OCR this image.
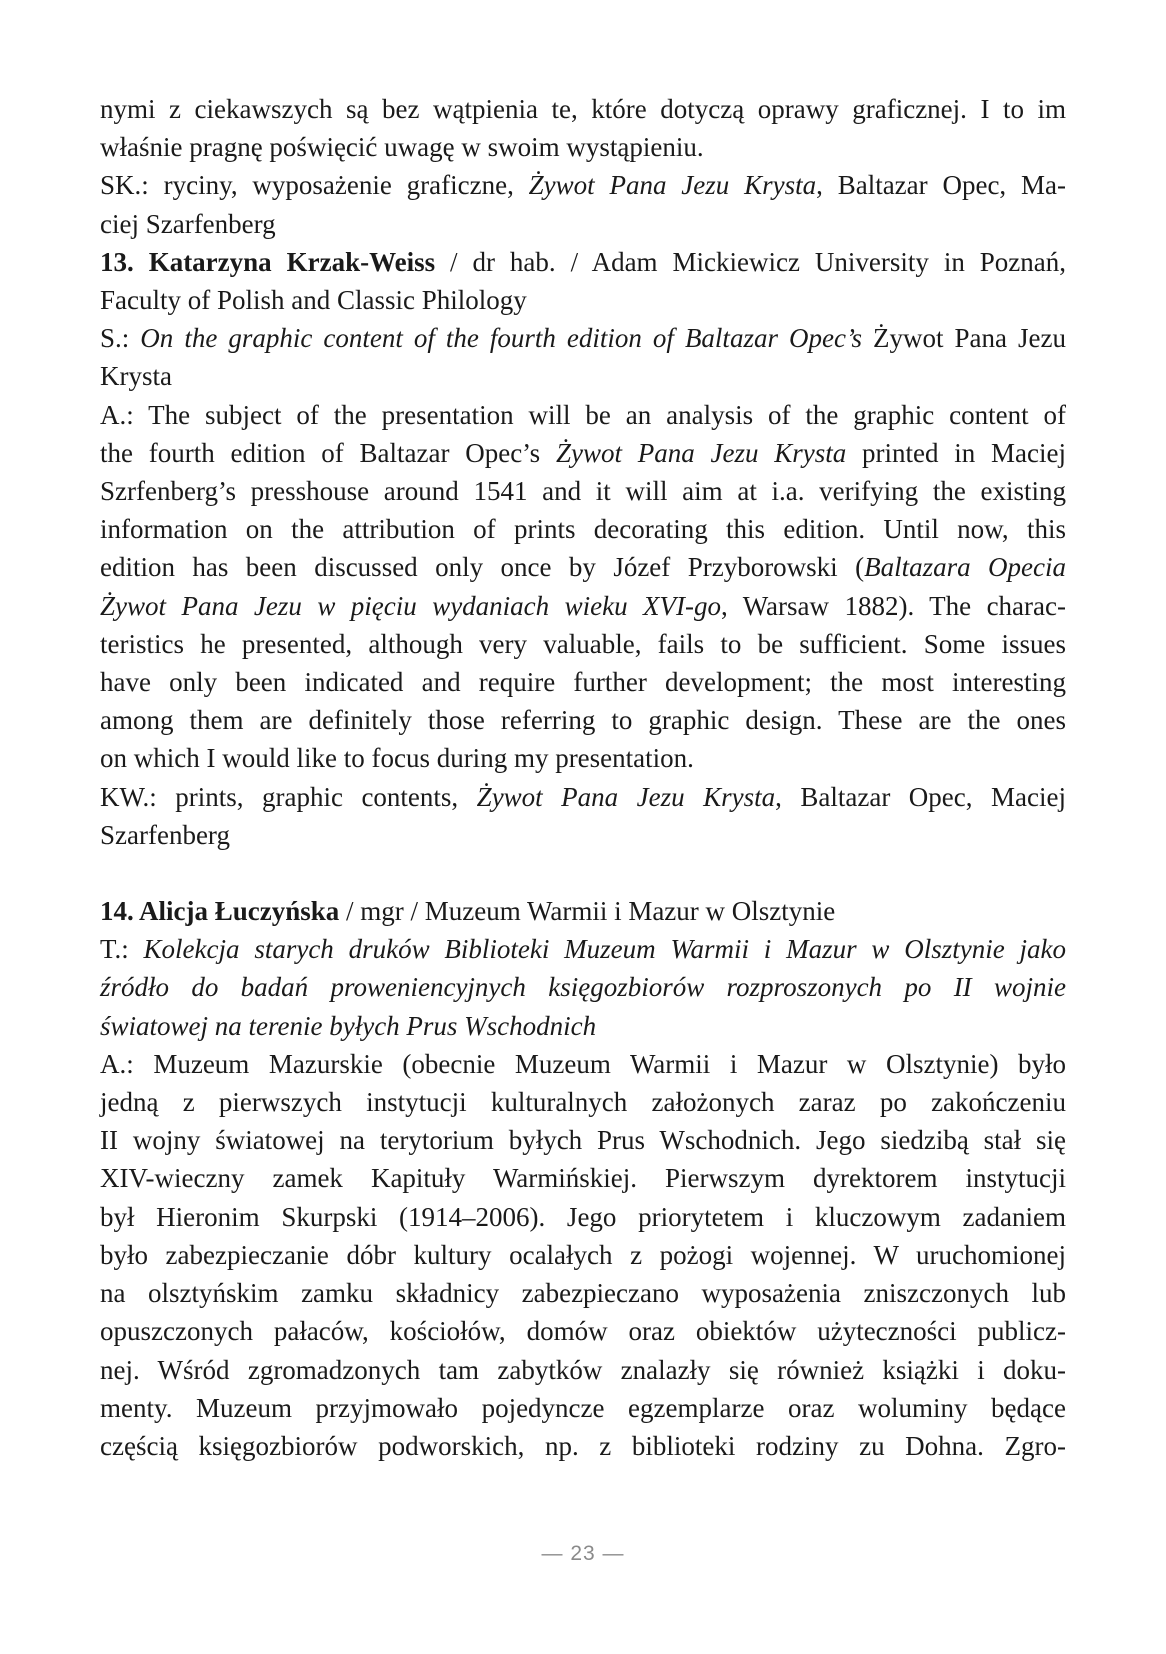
nymi z ciekawszych są bez wątpienia te, które dotyczą oprawy graficznej. I to im
właśnie pragnę poświęcić uwagę w swoim wystąpieniu.
SK.: ryciny, wyposażenie graficzne, Żywot Pana Jezu Krysta, Baltazar Opec, Ma-
ciej Szarfenberg
13. Katarzyna Krzak-Weiss / dr hab. / Adam Mickiewicz University in Poznań,
Faculty of Polish and Classic Philology
S.: On the graphic content of the fourth edition of Baltazar Opec’s Żywot Pana Jezu
Krysta
A.: The subject of the presentation will be an analysis of the graphic content of
the fourth edition of Baltazar Opec’s Żywot Pana Jezu Krysta printed in Maciej
Szrfenberg’s presshouse around 1541 and it will aim at i.a. verifying the existing
information on the attribution of prints decorating this edition. Until now, this
edition has been discussed only once by Józef Przyborowski (Baltazara Opecia
Żywot Pana Jezu w pięciu wydaniach wieku XVI-go, Warsaw 1882). The charac-
teristics he presented, although very valuable, fails to be sufficient. Some issues
have only been indicated and require further development; the most interesting
among them are definitely those referring to graphic design. These are the ones
on which I would like to focus during my presentation.
KW.: prints, graphic contents, Żywot Pana Jezu Krysta, Baltazar Opec, Maciej
Szarfenberg
14. Alicja Łuczyńska / mgr / Muzeum Warmii i Mazur w Olsztynie
T.: Kolekcja starych druków Biblioteki Muzeum Warmii i Mazur w Olsztynie jako
źródło do badań proweniencyjnych księgozbiorów rozproszonych po II wojnie
światowej na terenie byłych Prus Wschodnich
A.: Muzeum Mazurskie (obecnie Muzeum Warmii i Mazur w Olsztynie) było
jedną z pierwszych instytucji kulturalnych założonych zaraz po zakończeniu
II wojny światowej na terytorium byłych Prus Wschodnich. Jego siedzibą stał się
XIV-wieczny zamek Kapituły Warmińskiej. Pierwszym dyrektorem instytucji
był Hieronim Skurpski (1914–2006). Jego priorytetem i kluczowym zadaniem
było zabezpieczanie dóbr kultury ocalałych z pożogi wojennej. W uruchomionej
na olsztyńskim zamku składnicy zabezpieczano wyposażenia zniszczonych lub
opuszczonych pałaców, kościołów, domów oraz obiektów użyteczności publicz-
nej. Wśród zgromadzonych tam zabytków znalazły się również książki i doku-
menty. Muzeum przyjmowało pojedyncze egzemplarze oraz woluminy będące
częścią księgozbiorów podworskich, np. z biblioteki rodziny zu Dohna. Zgro-
— 23 —
